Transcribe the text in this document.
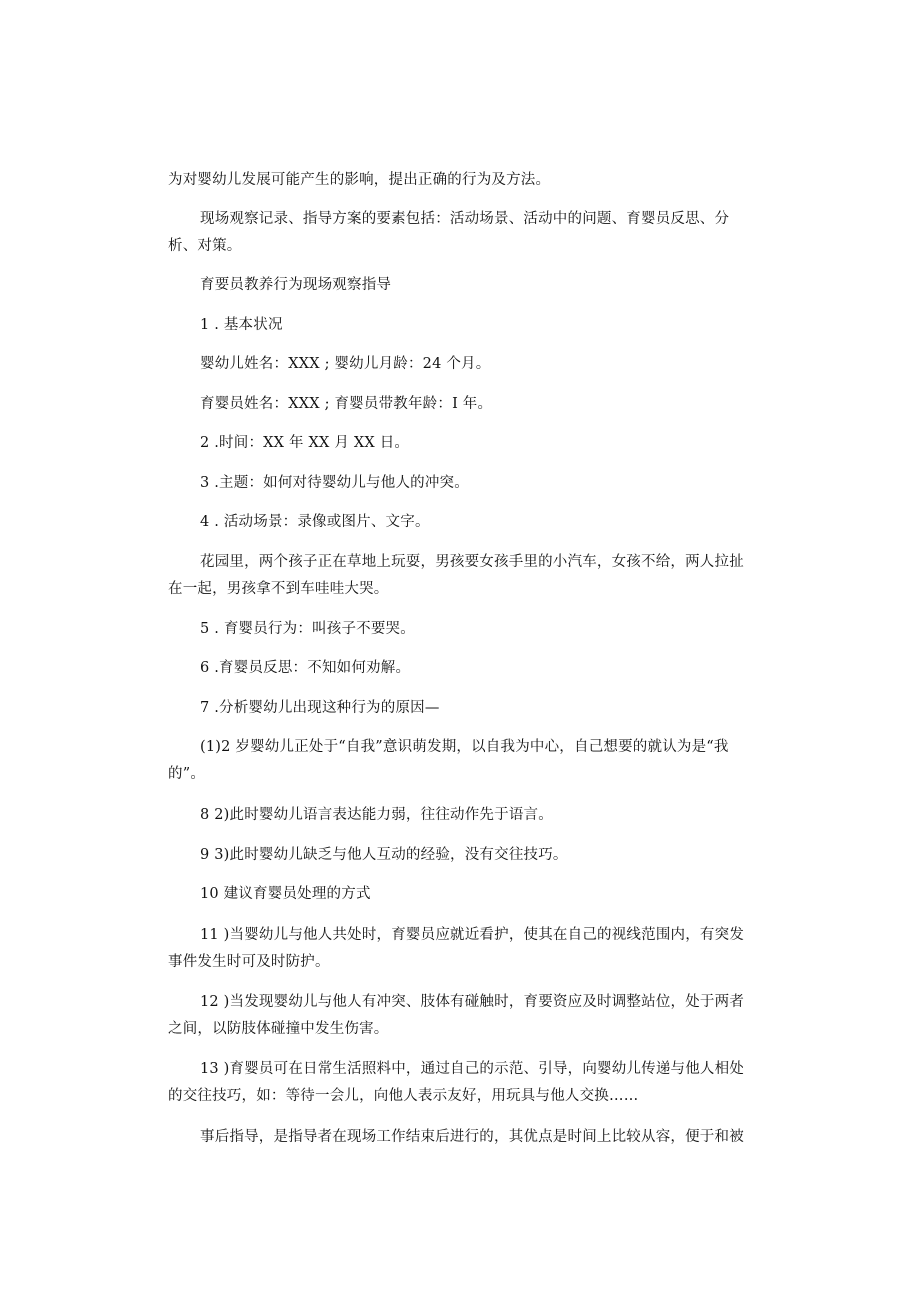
为对婴幼儿发展可能产生的影响，提出正确的行为及方法。
现场观察记录、指导方案的要素包括：活动场景、活动中的问题、育婴员反思、分
析、对策。
育要员教养行为现场观察指导
1 . 基本状况
婴幼儿姓名：XXX ; 婴幼儿月龄：24 个月。
育婴员姓名：XXX ; 育婴员带教年龄：I 年。
2 .时间：XX 年 XX 月 XX 日。
3 .主题：如何对待婴幼儿与他人的冲突。
4 . 活动场景：录像或图片、文字。
花园里，两个孩子正在草地上玩耍，男孩要女孩手里的小汽车，女孩不给，两人拉扯
在一起，男孩拿不到车哇哇大哭。
5 . 育婴员行为：叫孩子不要哭。
6 .育婴员反思：不知如何劝解。
7 .分析婴幼儿出现这种行为的原因—
(1)2 岁婴幼儿正处于“自我”意识萌发期，以自我为中心，自己想要的就认为是“我
的”。
8 2)此时婴幼儿语言表达能力弱，往往动作先于语言。
9 3)此时婴幼儿缺乏与他人互动的经验，没有交往技巧。
10 建议育婴员处理的方式
11 )当婴幼儿与他人共处时，育婴员应就近看护，使其在自己的视线范围内，有突发
事件发生时可及时防护。
12 )当发现婴幼儿与他人有冲突、肢体有碰触时，育要资应及时调整站位，处于两者
之间，以防肢体碰撞中发生伤害。
13 )育婴员可在日常生活照料中，通过自己的示范、引导，向婴幼儿传递与他人相处
的交往技巧，如：等待一会儿，向他人表示友好，用玩具与他人交换……
事后指导，是指导者在现场工作结束后进行的，其优点是时间上比较从容，便于和被
